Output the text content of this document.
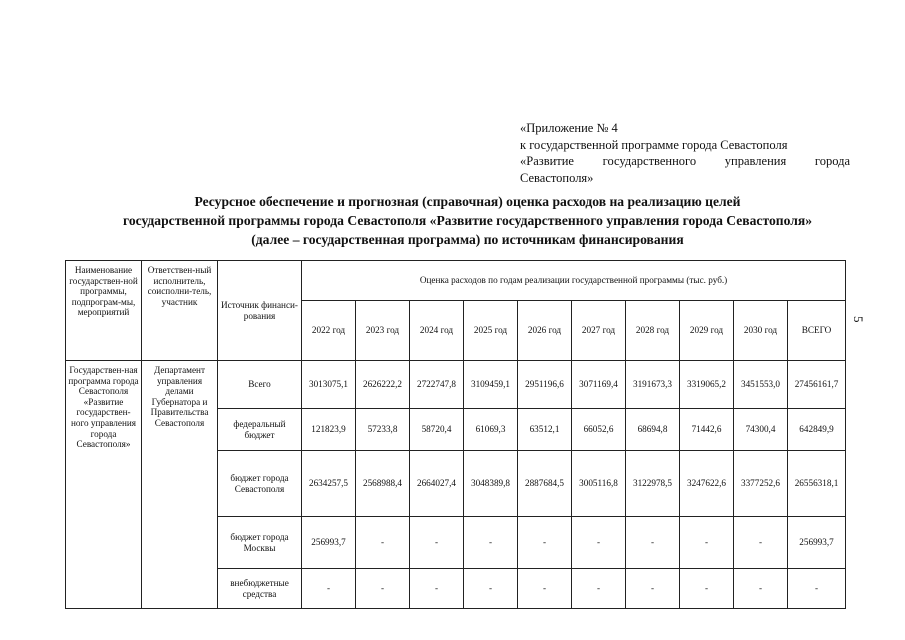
«Приложение № 4
к государственной программе города Севастополя
«Развитие государственного управления города
Севастополя»
Ресурсное обеспечение и прогнозная (справочная) оценка расходов на реализацию целей
государственной программы города Севастополя «Развитие государственного управления города Севастополя»
(далее – государственная программа) по источникам финансирования
5
Наименование государствен-ной программы, подпрограм-мы, мероприятий	Ответствен-ный исполнитель, соисполни-тель, участник	Источник финанси-рования	Оценка расходов по годам реализации государственной программы (тыс. руб.)									
			2022 год	2023 год	2024 год	2025 год	2026 год	2027 год	2028 год	2029 год	2030 год	ВСЕГО
Государствен-ная программа города Севастополя «Развитие государствен-ного управления города Севастополя»	Департамент управления делами Губернатора и Правительства Севастополя	Всего	3013075,1	2626222,2	2722747,8	3109459,1	2951196,6	3071169,4	3191673,3	3319065,2	3451553,0	27456161,7
		федеральный бюджет	121823,9	57233,8	58720,4	61069,3	63512,1	66052,6	68694,8	71442,6	74300,4	642849,9
		бюджет города Севастополя	2634257,5	2568988,4	2664027,4	3048389,8	2887684,5	3005116,8	3122978,5	3247622,6	3377252,6	26556318,1
		бюджет города Москвы	256993,7	-	-	-	-	-	-	-	-	256993,7
		внебюджетные средства	-	-	-	-	-	-	-	-	-	-
